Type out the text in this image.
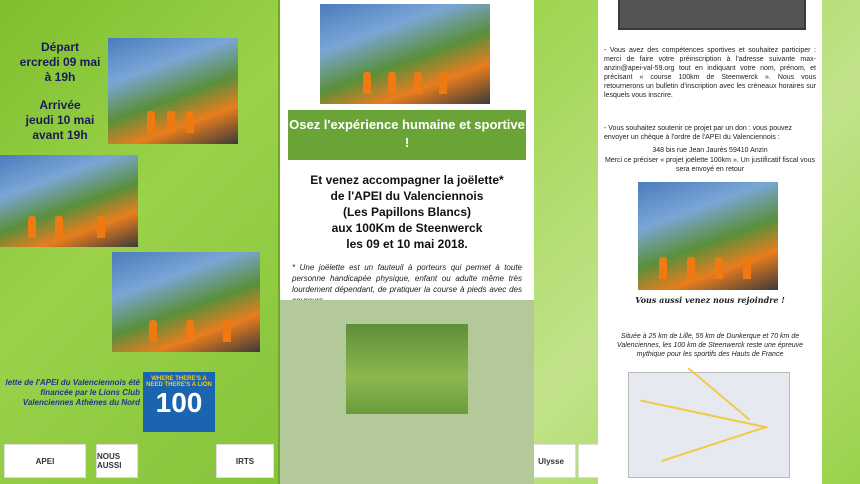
Départ
ercredi 09 mai
à 19h
Arrivée
jeudi 10 mai
avant 19h
lette de l'APEI du Valenciennois été financée par le Lions Club Valenciennes Athènes du Nord
WHERE THERE'S A NEED THERE'S A LION
100
APEI	NOUS AUSSI	IRTS
Osez l'expérience humaine et sportive !
Et venez accompagner la joëlette*
de l'APEI du Valenciennois
(Les Papillons Blancs)
aux 100Km de Steenwerck
les 09 et 10 mai 2018.
* Une joëlette est un fauteuil à porteurs qui permet à toute personne handicapée physique, enfant ou adulte même très lourdement dépendant, de pratiquer la course à pieds avec des
Ulysse
- Vous avez des compétences sportives et souhaitez participer : merci de faire votre préinscription à l'adresse suivante max-anzin@apei-val-59.org tout en indiquant votre nom, prénom, et précisant « course 100km de Steenwerck ». Nous vous retournerons un bulletin d'inscription avec les créneaux horaires sur lesquels vous inscrire.
- Vous souhaitez soutenir ce projet par un don : vous pouvez envoyer un chèque à l'ordre de l'APEI du Valenciennois :
348 bis rue Jean Jaurès 59410 Anzin
Merci ce préciser « projet joëlette 100km ». Un justificatif fiscal vous sera envoyé en retour
Vous aussi venez nous rejoindre !
Située à 25 km de Lille, 55 km de Dunkerque et 70 km de Valenciennes, les 100 km de Steenwerck reste une épreuve mythique pour les sportifs des Hauts de France
